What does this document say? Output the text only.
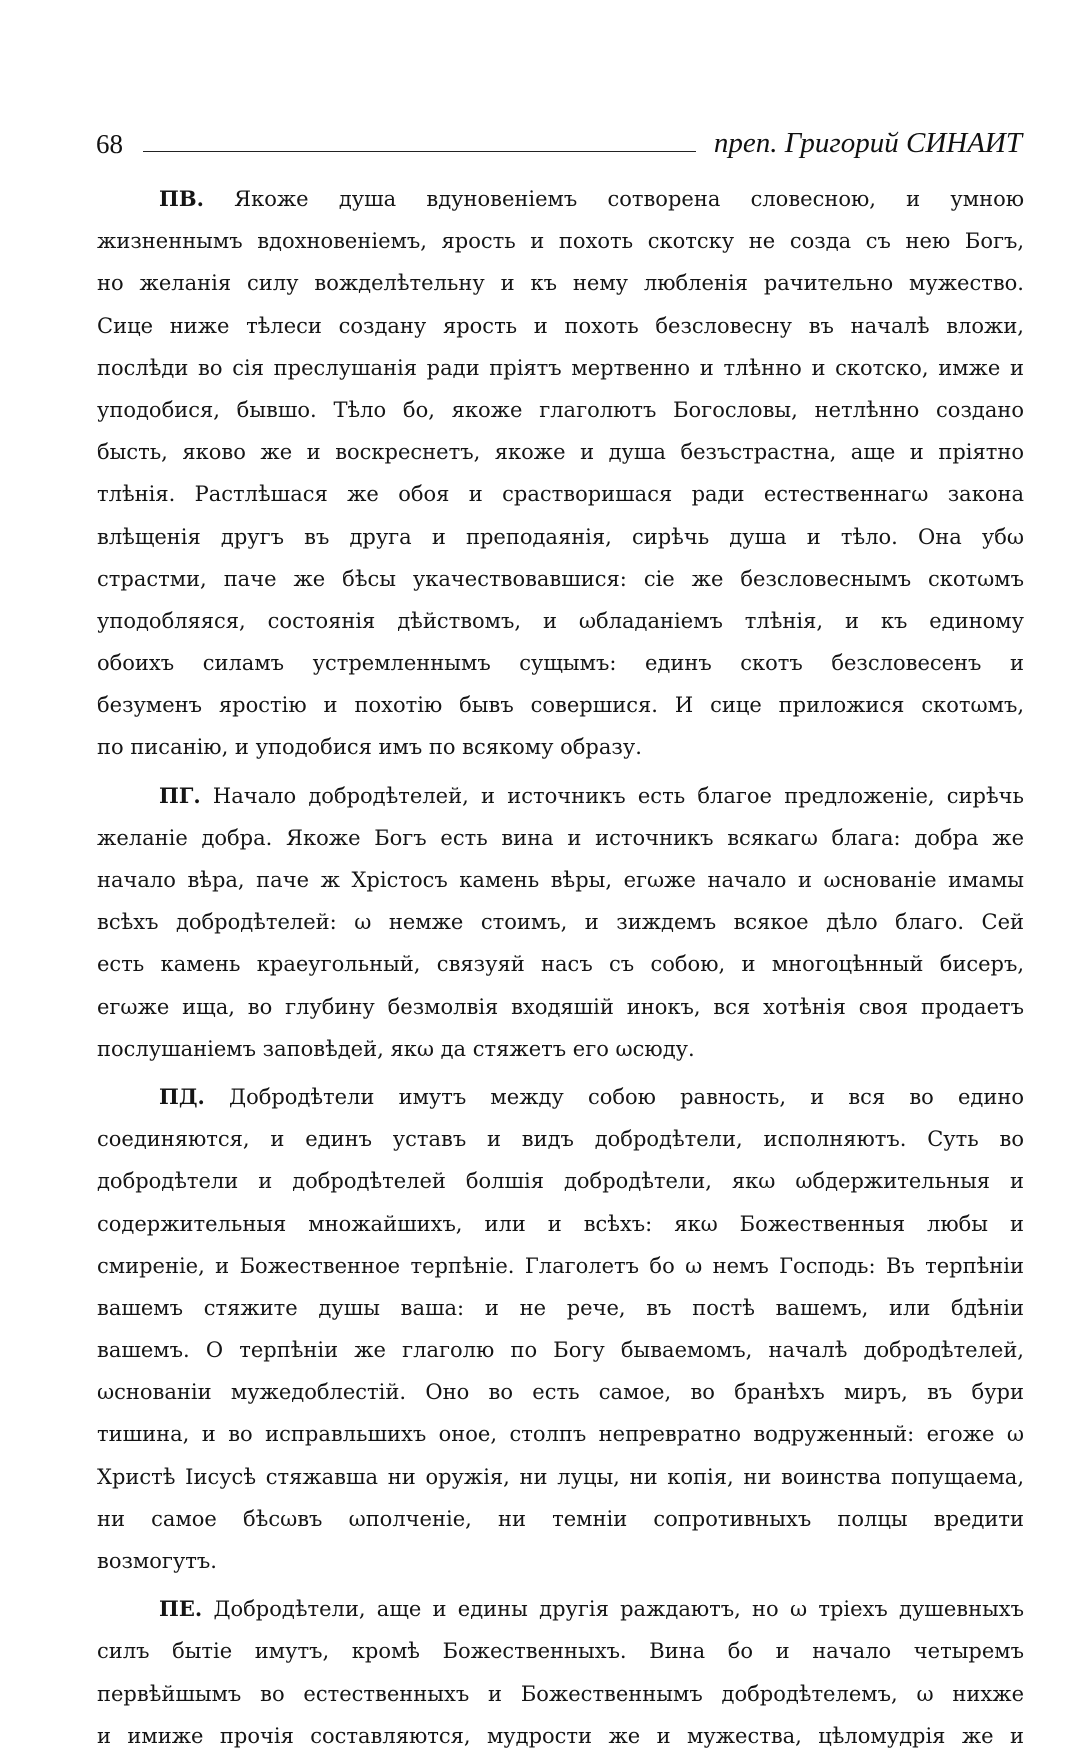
68	преп. Григорий СИНАИТ
ПВ. Якоже душа вдуновенiемъ сотворена словесною, и умною
жизненнымъ вдохновенiемъ, ярость и похоть скотску не созда съ нею Богъ,
но желанiя силу вожделѣтельну и къ нему любленiя рачительно мужество.
Сице ниже тѣлеси создану ярость и похоть безсловесну въ началѣ вложи,
послѣди во сiя преслушанiя ради прiятъ мертвенно и тлѣнно и скотско, имже и
уподобися, бывшо. Тѣло бо, якоже глаголютъ Богословы, нетлѣнно создано
бысть, яково же и воскреснетъ, якоже и душа безъстрастна, аще и прiятно
тлѣнiя. Растлѣшася же обоя и срастворишася ради естественнагω закона
влѣщенiя другъ въ друга и преподаянiя, сирѣчь душа и тѣло. Она убω
страстми, паче же бѣсы укачествовавшися: сiе же безсловеснымъ скотωмъ
уподобляяся, состоянiя дѣйствомъ, и ωбладанiемъ тлѣнiя, и къ единому
обоихъ силамъ устремленнымъ сущымъ: единъ скотъ безсловесенъ и
безуменъ яростiю и похотiю бывъ совершися. И сице приложися скотωмъ,
по писанiю, и уподобися имъ по всякому образу.
ПГ. Начало добродѣтелей, и источникъ есть благое предложенiе, сирѣчь
желанiе добра. Якоже Богъ есть вина и источникъ всякагω блага: добра же
начало вѣра, паче ж Хрiстосъ камень вѣры, егωже начало и ωснованiе имамы
всѣхъ добродѣтелей: ω немже стоимъ, и зиждемъ всякое дѣло благо. Сей
есть камень краеугольный, связуяй насъ съ собою, и многоцѣнный бисеръ,
егωже ища, во глубину безмолвiя входяшiй инокъ, вся хотѣнiя своя продаетъ
послушанiемъ заповѣдей, якω да стяжетъ его ωсюду.
ПД. Добродѣтели имутъ между собою равность, и вся во едино
соединяются, и единъ уставъ и видъ добродѣтели, исполняютъ. Суть во
добродѣтели и добродѣтелей болшiя добродѣтели, якω ωбдержительныя и
содержительныя множайшихъ, или и всѣхъ: якω Божественныя любы и
смиренiе, и Божественное терпѣнiе. Глаголетъ бо ω немъ Господь: Въ терпѣнiи
вашемъ стяжите душы ваша: и не рече, въ постѣ вашемъ, или бдѣнiи
вашемъ. О терпѣнiи же глаголю по Богу бываемомъ, началѣ добродѣтелей,
ωснованiи мужедоблестiй. Оно во есть самое, во бранѣхъ миръ, въ бури
тишина, и во исправльшихъ оное, столпъ непревратно водруженный: егоже ω
Христѣ Iисусѣ стяжавша ни оружiя, ни луцы, ни копiя, ни воинства попущаема,
ни самое бѣсωвъ ωполченiе, ни темнiи сопротивныхъ полцы вредити
возмогутъ.
ПЕ. Добродѣтели, аще и едины другiя раждаютъ, но ω трiехъ душевныхъ
силъ бытiе имутъ, кромѣ Божественныхъ. Вина бо и начало четыремъ
первѣйшымъ во естественныхъ и Божественнымъ добродѣтелемъ, ω нихже
и имиже прочiя составляются, мудрости же и мужества, цѣломудрiя же и
